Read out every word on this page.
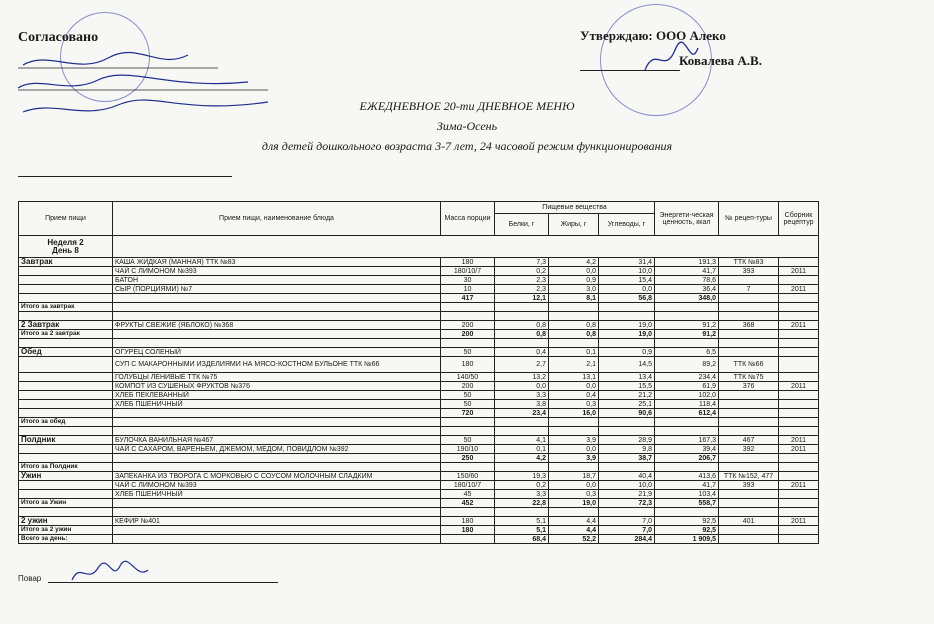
Согласовано	Утверждаю: ООО Алеко
Ковалева А.В.
ЕЖЕДНЕВНОЕ 20-ти ДНЕВНОЕ МЕНЮ
Зима-Осень
для детей дошкольного возраста 3-7 лет, 24 часовой режим функционирования
Прием пищи	Прием пищи, наименование блюда	Масса порции	Пищевые вещества			Энергети-ческая ценность, ккал	№ рецеп-туры	Сборник рецептур
			Белки, г	Жиры, г	Углеводы, г			

Неделя 2
День 8								

Завтрак	КАША ЖИДКАЯ (МАННАЯ) ТТК №83	180	7,3	4,2	31,4	191,3	ТТК №83	
	ЧАЙ С ЛИМОНОМ №393	180/10/7	0,2	0,0	10,0	41,7	393	2011
	БАТОН	30	2,3	0,9	15,4	78,6		
	СЫР (ПОРЦИЯМИ) №7	10	2,3	3,0	0,0	36,4	7	2011
		417	12,1	8,1	56,8	348,0		
Итого за завтрак								

2 Завтрак	ФРУКТЫ СВЕЖИЕ (ЯБЛОКО) №368	200	0,8	0,8	19,0	91,2	368	2011
Итого за 2 завтрак		200	0,8	0,8	19,0	91,2		

Обед	ОГУРЕЦ СОЛЕНЫЙ	50	0,4	0,1	0,9	6,5		
	СУП С МАКАРОННЫМИ ИЗДЕЛИЯМИ НА МЯСО-КОСТНОМ БУЛЬОНЕ ТТК №66	180	2,7	2,1	14,5	89,2	ТТК №66	
	ГОЛУБЦЫ ЛЕНИВЫЕ ТТК №75	140/50	13,2	13,1	13,4	234,4	ТТК №75	
	КОМПОТ ИЗ СУШЕНЫХ ФРУКТОВ №376	200	0,0	0,0	15,5	61,9	376	2011
	ХЛЕБ ПЕКЛЕВАННЫЙ	50	3,3	0,4	21,2	102,0		
	ХЛЕБ ПШЕНИЧНЫЙ	50	3,8	0,3	25,1	118,4		
		720	23,4	16,0	90,6	612,4		
Итого за обед								

Полдник	БУЛОЧКА ВАНИЛЬНАЯ №467	50	4,1	3,9	28,9	167,3	467	2011
	ЧАЙ С САХАРОМ, ВАРЕНЬЕМ, ДЖЕМОМ, МЕДОМ, ПОВИДЛОМ №392	190/10	0,1	0,0	9,8	39,4	392	2011
		250	4,2	3,9	38,7	206,7		
Итого за Полдник								
Ужин	ЗАПЕКАНКА ИЗ ТВОРОГА С МОРКОВЬЮ С СОУСОМ МОЛОЧНЫМ СЛАДКИМ	150/60	19,3	18,7	40,4	413,6	ТТК №152, 477	
	ЧАЙ С ЛИМОНОМ №393	180/10/7	0,2	0,0	10,0	41,7	393	2011
	ХЛЕБ ПШЕНИЧНЫЙ	45	3,3	0,3	21,9	103,4		
Итого за Ужин		452	22,8	19,0	72,3	558,7		

2 ужин	КЕФИР №401	180	5,1	4,4	7,0	92,5	401	2011
Итого за 2 ужин		180	5,1	4,4	7,0	92,5		
Всего за день:			68,4	52,2	284,4	1 909,5		
Повар
